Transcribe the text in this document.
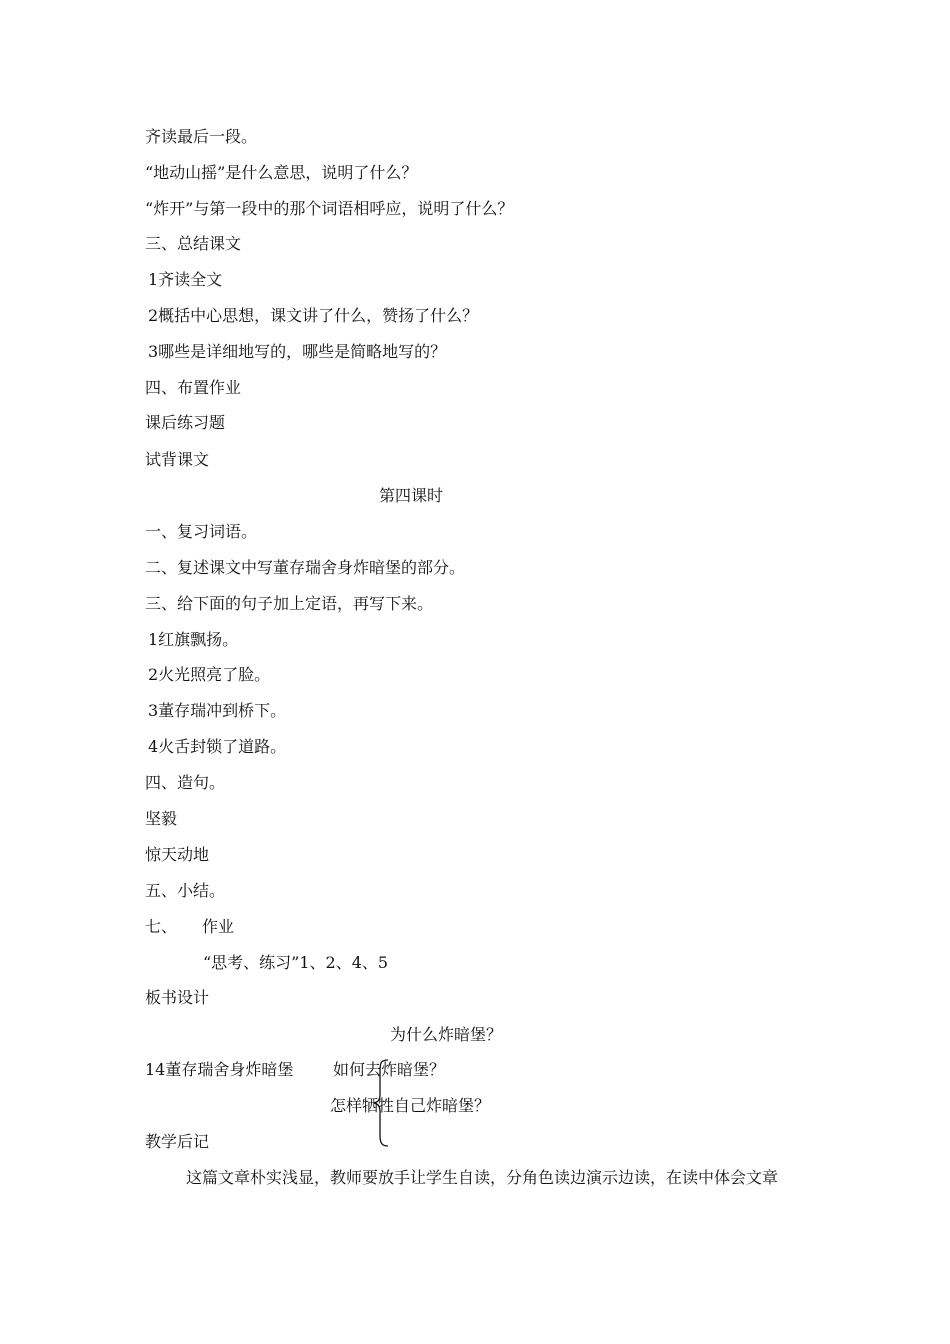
齐读最后一段。
“地动山摇”是什么意思，说明了什么？
“炸开”与第一段中的那个词语相呼应，说明了什么？
三、总结课文
1齐读全文
2概括中心思想，课文讲了什么，赞扬了什么？
3哪些是详细地写的，哪些是简略地写的？
四、布置作业
课后练习题
试背课文
第四课时
一、复习词语。
二、复述课文中写董存瑞舍身炸暗堡的部分。
三、给下面的句子加上定语，再写下来。
1红旗飘扬。
2火光照亮了脸。
3董存瑞冲到桥下。
4火舌封锁了道路。
四、造句。
坚毅
惊天动地
五、小结。
七、 作业
“思考、练习”1、2、4、5
板书设计
为什么炸暗堡？
14董存瑞舍身炸暗堡 如何去炸暗堡？
怎样牺牲自己炸暗堡？
教学后记
这篇文章朴实浅显，教师要放手让学生自读，分角色读边演示边读，在读中体会文章
